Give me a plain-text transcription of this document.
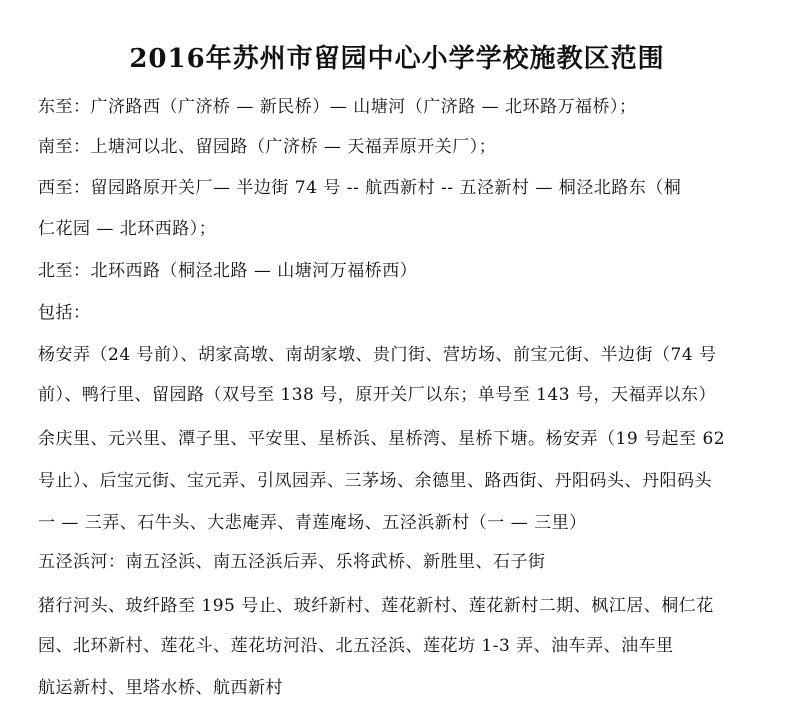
2016年苏州市留园中心小学学校施教区范围
东至：广济路西（广济桥 — 新民桥）— 山塘河（广济路 — 北环路万福桥）；
南至：上塘河以北、留园路（广济桥 — 天福弄原开关厂）；
西至：留园路原开关厂— 半边街 74 号 -- 航西新村 -- 五泾新村 — 桐泾北路东（桐
仁花园 — 北环西路）；
北至：北环西路（桐泾北路 — 山塘河万福桥西）
包括：
杨安弄（24 号前）、胡家高墩、南胡家墩、贵门街、营坊场、前宝元街、半边街（74 号
前）、鸭行里、留园路（双号至 138 号，原开关厂以东；单号至 143 号，天福弄以东）
余庆里、元兴里、潭子里、平安里、星桥浜、星桥湾、星桥下塘。杨安弄（19 号起至 62
号止）、后宝元街、宝元弄、引凤园弄、三茅场、余德里、路西街、丹阳码头、丹阳码头
一 — 三弄、石牛头、大悲庵弄、青莲庵场、五泾浜新村（一 — 三里）
五泾浜河：南五泾浜、南五泾浜后弄、乐将武桥、新胜里、石子街
猪行河头、玻纤路至 195 号止、玻纤新村、莲花新村、莲花新村二期、枫江居、桐仁花
园、北环新村、莲花斗、莲花坊河沿、北五泾浜、莲花坊 1-3 弄、油车弄、油车里
航运新村、里塔水桥、航西新村
